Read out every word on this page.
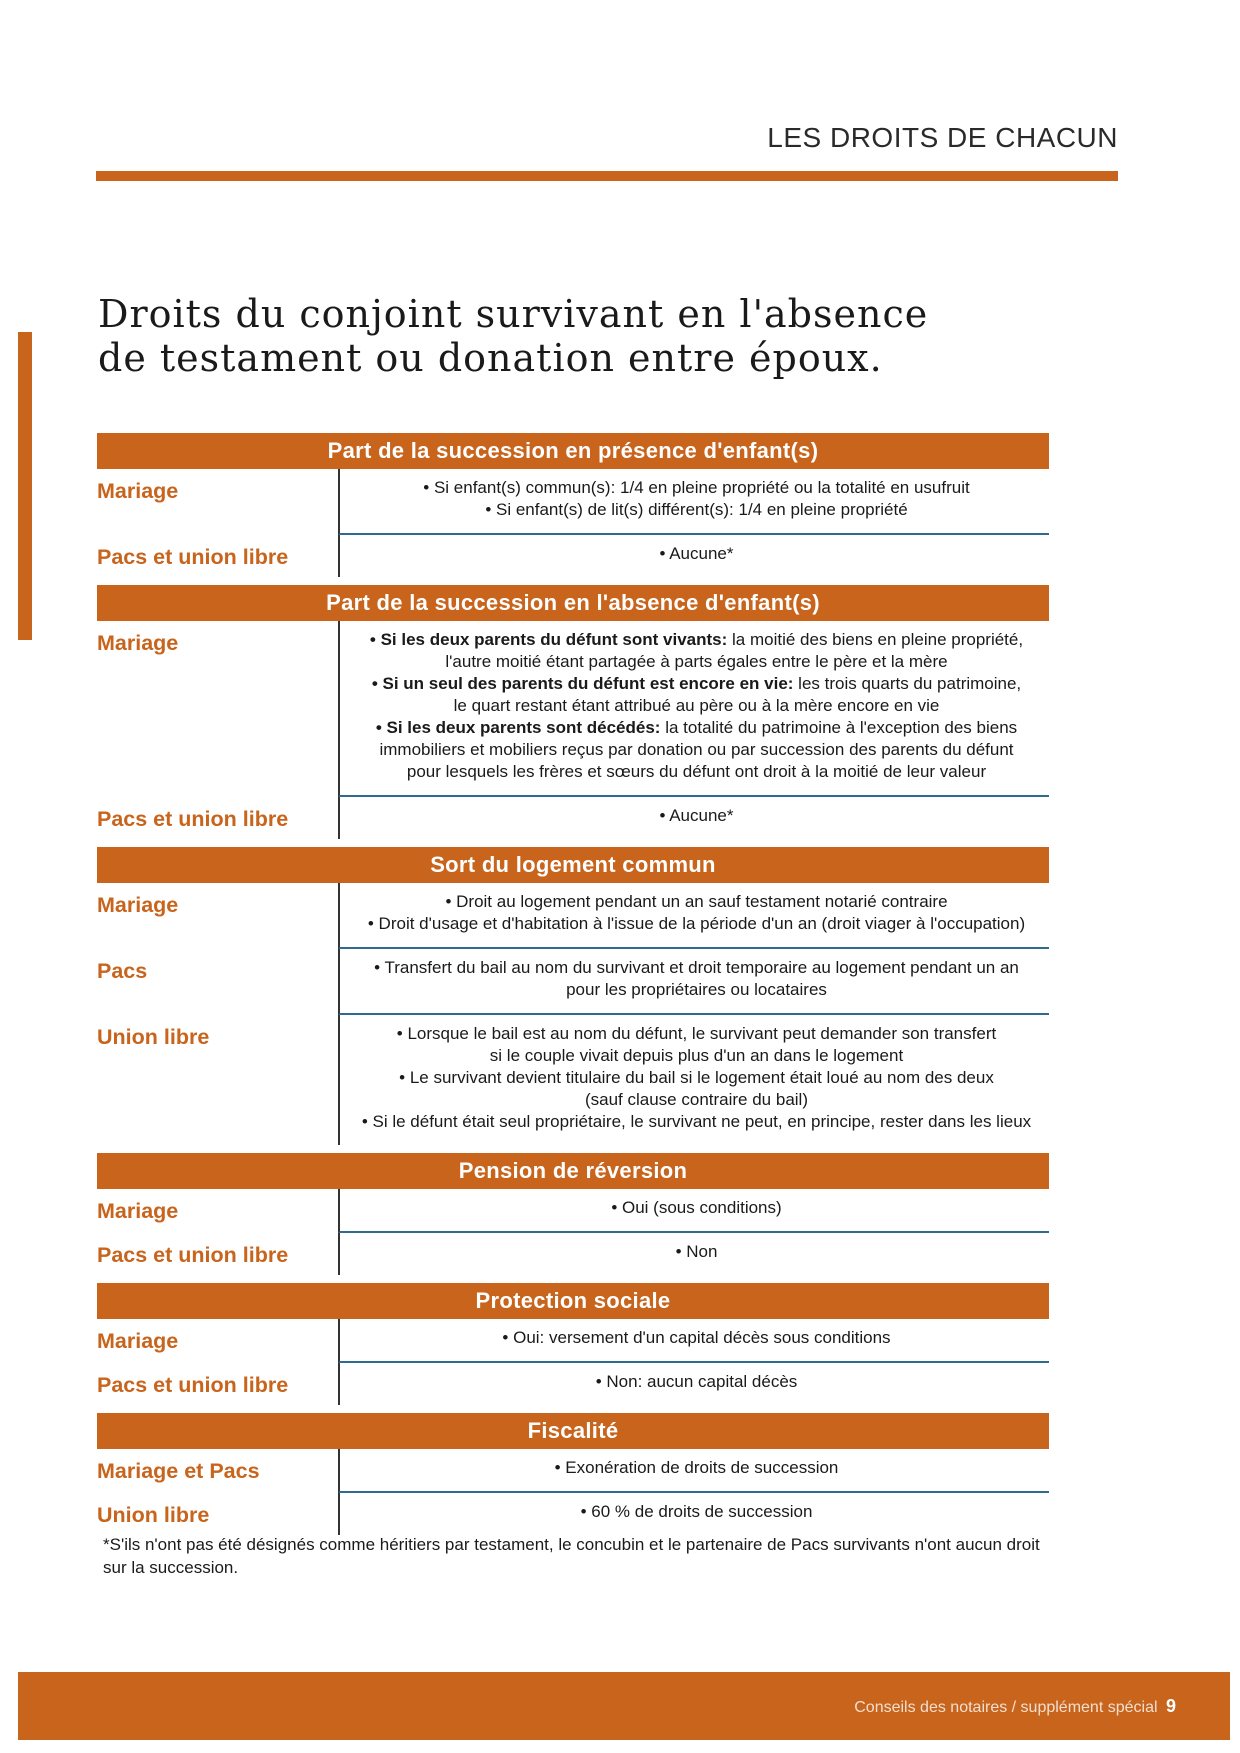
LES DROITS DE CHACUN
Droits du conjoint survivant en l'absence
de testament ou donation entre époux.
Part de la succession en présence d'enfant(s)
Mariage	• Si enfant(s) commun(s): 1/4 en pleine propriété ou la totalité en usufruit
• Si enfant(s) de lit(s) différent(s): 1/4 en pleine propriété
Pacs et union libre	• Aucune*
Part de la succession en l'absence d'enfant(s)
Mariage	• Si les deux parents du défunt sont vivants: la moitié des biens en pleine propriété,
l'autre moitié étant partagée à parts égales entre le père et la mère
• Si un seul des parents du défunt est encore en vie: les trois quarts du patrimoine,
le quart restant étant attribué au père ou à la mère encore en vie
• Si les deux parents sont décédés: la totalité du patrimoine à l'exception des biens
immobiliers et mobiliers reçus par donation ou par succession des parents du défunt
pour lesquels les frères et sœurs du défunt ont droit à la moitié de leur valeur
Pacs et union libre	• Aucune*
Sort du logement commun
Mariage	• Droit au logement pendant un an sauf testament notarié contraire
• Droit d'usage et d'habitation à l'issue de la période d'un an (droit viager à l'occupation)
Pacs	• Transfert du bail au nom du survivant et droit temporaire au logement pendant un an
pour les propriétaires ou locataires
Union libre	• Lorsque le bail est au nom du défunt, le survivant peut demander son transfert
si le couple vivait depuis plus d'un an dans le logement
• Le survivant devient titulaire du bail si le logement était loué au nom des deux
(sauf clause contraire du bail)
• Si le défunt était seul propriétaire, le survivant ne peut, en principe, rester dans les lieux
Pension de réversion
Mariage	• Oui (sous conditions)
Pacs et union libre	• Non
Protection sociale
Mariage	• Oui: versement d'un capital décès sous conditions
Pacs et union libre	• Non: aucun capital décès
Fiscalité
Mariage et Pacs	• Exonération de droits de succession
Union libre	• 60 % de droits de succession
*S'ils n'ont pas été désignés comme héritiers par testament, le concubin et le partenaire de Pacs survivants n'ont aucun droit sur la succession.
Conseils des notaires / supplément spécial 9
